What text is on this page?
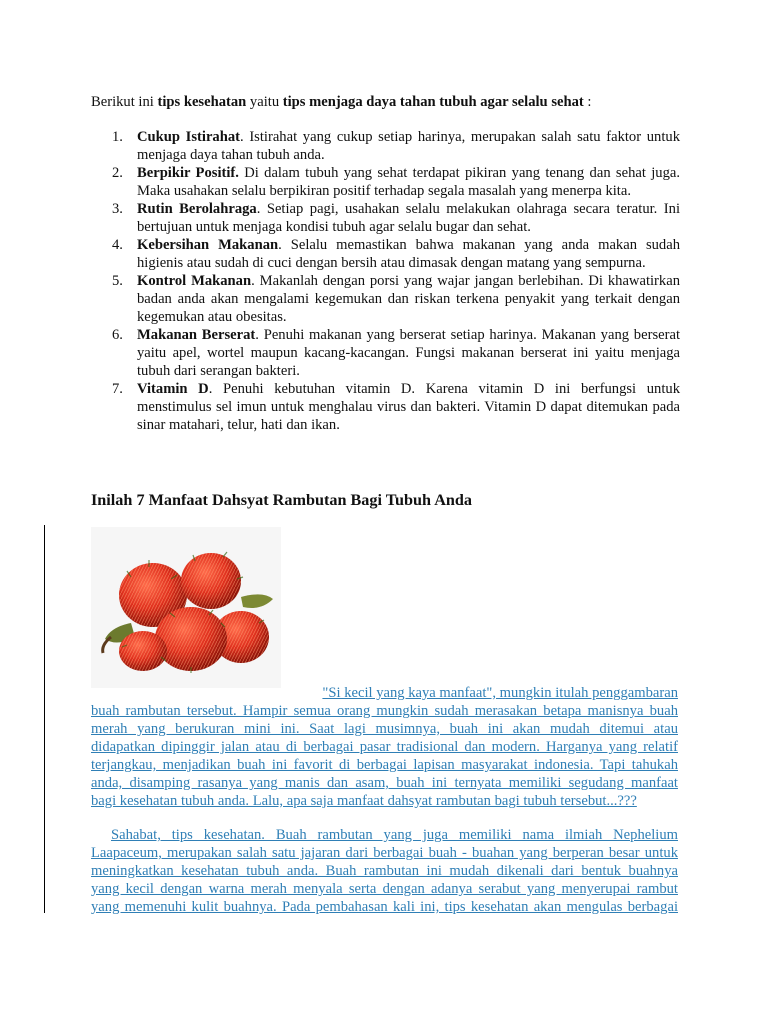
Berikut ini tips kesehatan yaitu tips menjaga daya tahan tubuh agar selalu sehat :
1. Cukup Istirahat. Istirahat yang cukup setiap harinya, merupakan salah satu faktor untuk menjaga daya tahan tubuh anda.
2. Berpikir Positif. Di dalam tubuh yang sehat terdapat pikiran yang tenang dan sehat juga. Maka usahakan selalu berpikiran positif terhadap segala masalah yang menerpa kita.
3. Rutin Berolahraga. Setiap pagi, usahakan selalu melakukan olahraga secara teratur. Ini bertujuan untuk menjaga kondisi tubuh agar selalu bugar dan sehat.
4. Kebersihan Makanan. Selalu memastikan bahwa makanan yang anda makan sudah higienis atau sudah di cuci dengan bersih atau dimasak dengan matang yang sempurna.
5. Kontrol Makanan. Makanlah dengan porsi yang wajar jangan berlebihan. Di khawatirkan badan anda akan mengalami kegemukan dan riskan terkena penyakit yang terkait dengan kegemukan atau obesitas.
6. Makanan Berserat. Penuhi makanan yang berserat setiap harinya. Makanan yang berserat yaitu apel, wortel maupun kacang-kacangan. Fungsi makanan berserat ini yaitu menjaga tubuh dari serangan bakteri.
7. Vitamin D. Penuhi kebutuhan vitamin D. Karena vitamin D ini berfungsi untuk menstimulus sel imun untuk menghalau virus dan bakteri. Vitamin D dapat ditemukan pada sinar matahari, telur, hati dan ikan.
Inilah 7 Manfaat Dahsyat Rambutan Bagi Tubuh Anda
"Si kecil yang kaya manfaat", mungkin itulah penggambaran
buah rambutan tersebut. Hampir semua orang mungkin sudah merasakan betapa manisnya buah
merah yang berukuran mini ini. Saat lagi musimnya, buah ini akan mudah ditemui atau
didapatkan dipinggir jalan atau di berbagai pasar tradisional dan modern. Harganya yang relatif
terjangkau, menjadikan buah ini favorit di berbagai lapisan masyarakat indonesia. Tapi tahukah
anda, disamping rasanya yang manis dan asam, buah ini ternyata memiliki segudang manfaat
bagi kesehatan tubuh anda. Lalu, apa saja manfaat dahsyat rambutan bagi tubuh tersebut...???
Sahabat, tips kesehatan. Buah rambutan yang juga memiliki nama ilmiah Nephelium
Laapaceum, merupakan salah satu jajaran dari berbagai buah - buahan yang berperan besar untuk
meningkatkan kesehatan tubuh anda. Buah rambutan ini mudah dikenali dari bentuk buahnya
yang kecil dengan warna merah menyala serta dengan adanya serabut yang menyerupai rambut
yang memenuhi kulit buahnya. Pada pembahasan kali ini, tips kesehatan akan mengulas berbagai
